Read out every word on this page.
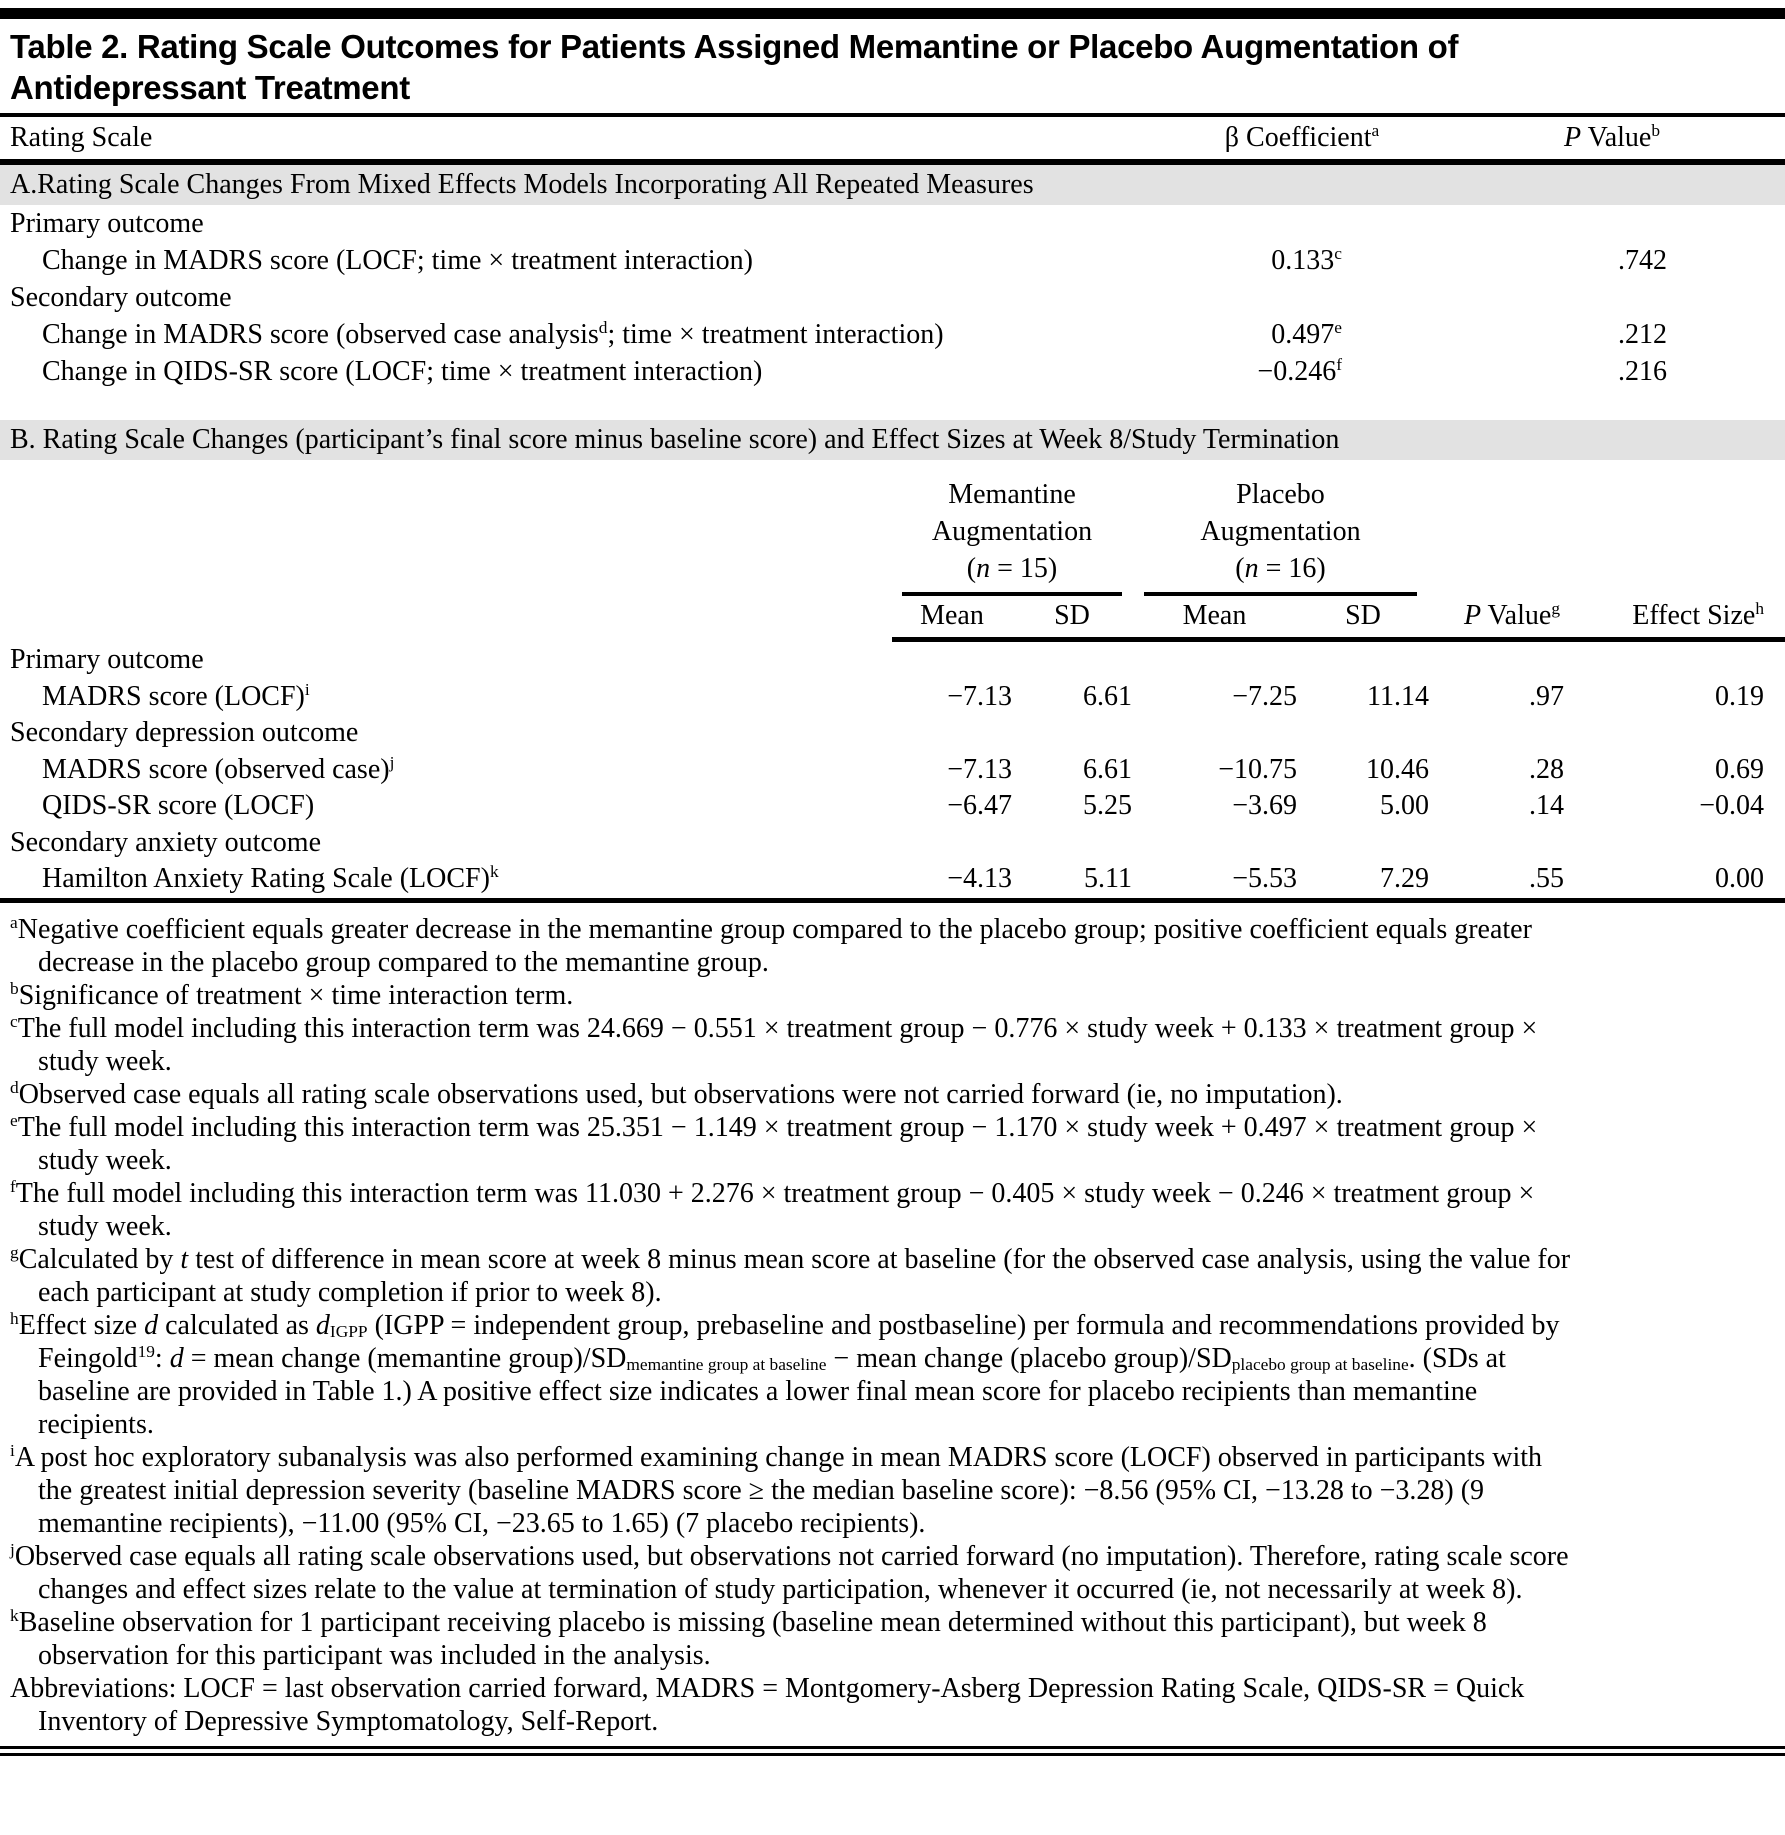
Table 2. Rating Scale Outcomes for Patients Assigned Memantine or Placebo Augmentation of
Antidepressant Treatment
Rating Scale	β Coefficient$^a$	P Value$^b$
A.Rating Scale Changes From Mixed Effects Models Incorporating All Repeated Measures
Primary outcome
Change in MADRS score (LOCF; time × treatment interaction)	0.133$^c$	.742
Secondary outcome
Change in MADRS score (observed case analysis$^d$; time × treatment interaction)	0.497e	.212
Change in QIDS-SR score (LOCF; time × treatment interaction)	−0.246$^f$	.216
B. Rating Scale Changes (participant’s final score minus baseline score) and Effect Sizes at Week 8/Study Termination
Memantine
Augmentation
(n = 15)
Placebo
Augmentation
(n = 16)
Mean	SD	Mean	SD	P Value$^g$	Effect Size$^h$
Primary outcome
MADRS score (LOCF)$^i$	−7.13	6.61	−7.25	11.14	.97	0.19
Secondary depression outcome
MADRS score (observed case)$^j$	−7.13	6.61	−10.75	10.46	.28	0.69
QIDS-SR score (LOCF)	−6.47	5.25	−3.69	5.00	.14	−0.04
Secondary anxiety outcome
Hamilton Anxiety Rating Scale (LOCF)$^k$	−4.13	5.11	−5.53	7.29	.55	0.00

$^a$Negative coefficient equals greater decrease in the memantine group compared to the placebo group; positive coefficient equals greater decrease in the placebo group compared to the memantine group.

$^b$Significance of treatment × time interaction term.

$^c$The full model including this interaction term was 24.669 − 0.551 × treatment group − 0.776 × study week + 0.133 × treatment group × study week.

$^d$Observed case equals all rating scale observations used, but observations were not carried forward (ie, no imputation).

$^e$The full model including this interaction term was 25.351 − 1.149 × treatment group − 1.170 × study week + 0.497 × treatment group × study week.

$^f$The full model including this interaction term was 11.030 + 2.276 × treatment group − 0.405 × study week − 0.246 × treatment group × study week.

$^g$Calculated by t test of difference in mean score at week 8 minus mean score at baseline (for the observed case analysis, using the value for each participant at study completion if prior to week 8).

$^h$Effect size d calculated as $d_{IGPP}$ (IGPP = independent group, prebaseline and postbaseline) per formula and recommendations provided by Feingold$^{19}$: d = mean change (memantine $group)/SD_{memantine group at baseline}$ − mean change (placebo $group)/SD_{placebo group at baseline}$. (SDs at baseline are provided in Table 1.) A positive effect size indicates a lower final mean score for placebo recipients than memantine recipients.

$^i$A post hoc exploratory subanalysis was also performed examining change in mean MADRS score (LOCF) observed in participants with the greatest initial depression severity (baseline MADRS score ≥ the median baseline score): −8.56 (95% CI, −13.28 to −3.28) (9 memantine recipients), −11.00 (95% CI, −23.65 to 1.65) (7 placebo recipients).

$^j$Observed case equals all rating scale observations used, but observations not carried forward (no imputation). Therefore, rating scale score changes and effect sizes relate to the value at termination of study participation, whenever it occurred (ie, not necessarily at week 8).

$^k$Baseline observation for 1 participant receiving placebo is missing (baseline mean determined without this participant), but week 8 observation for this participant was included in the analysis.

Abbreviations: LOCF = last observation carried forward, MADRS = Montgomery-Asberg Depression Rating Scale, QIDS-SR = Quick Inventory of Depressive Symptomatology, Self-Report.
